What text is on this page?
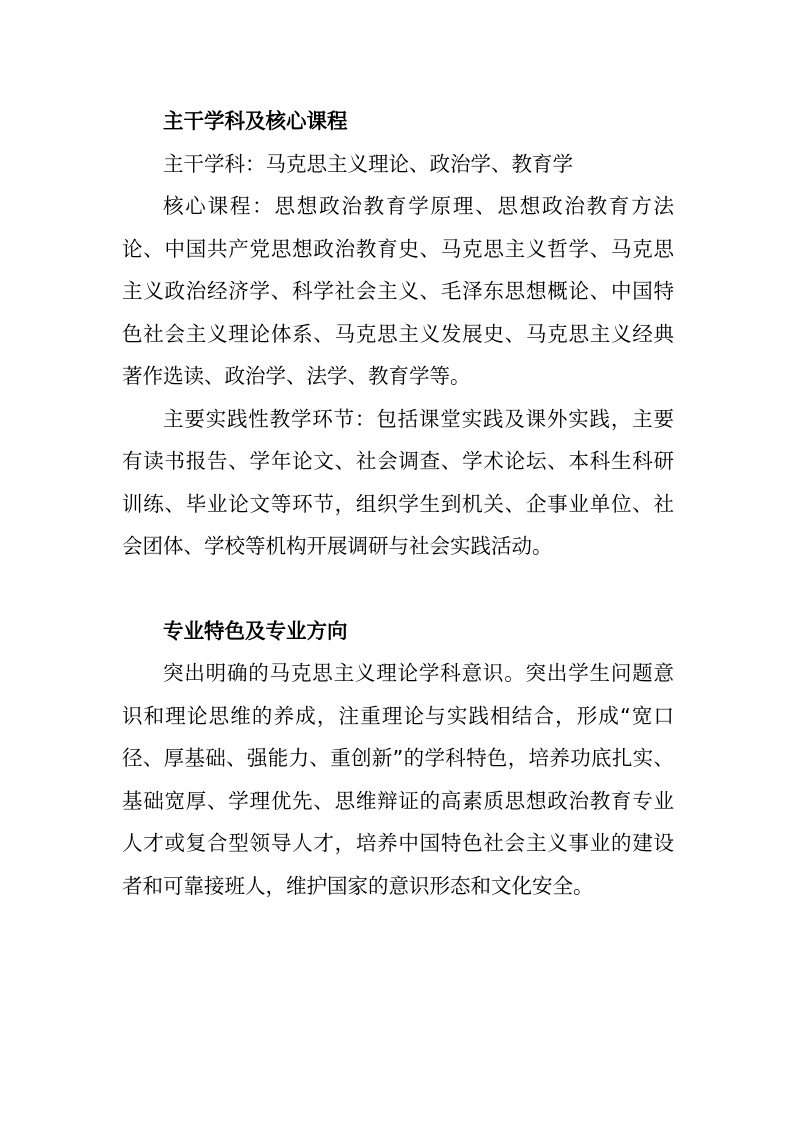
主干学科及核心课程

主干学科：马克思主义理论、政治学、教育学

核心课程：思想政治教育学原理、思想政治教育方法论、中国共产党思想政治教育史、马克思主义哲学、马克思主义政治经济学、科学社会主义、毛泽东思想概论、中国特色社会主义理论体系、马克思主义发展史、马克思主义经典著作选读、政治学、法学、教育学等。

主要实践性教学环节：包括课堂实践及课外实践，主要有读书报告、学年论文、社会调查、学术论坛、本科生科研训练、毕业论文等环节，组织学生到机关、企事业单位、社会团体、学校等机构开展调研与社会实践活动。

专业特色及专业方向

突出明确的马克思主义理论学科意识。突出学生问题意识和理论思维的养成，注重理论与实践相结合，形成“宽口径、厚基础、强能力、重创新”的学科特色，培养功底扎实、基础宽厚、学理优先、思维辩证的高素质思想政治教育专业人才或复合型领导人才，培养中国特色社会主义事业的建设者和可靠接班人，维护国家的意识形态和文化安全。
